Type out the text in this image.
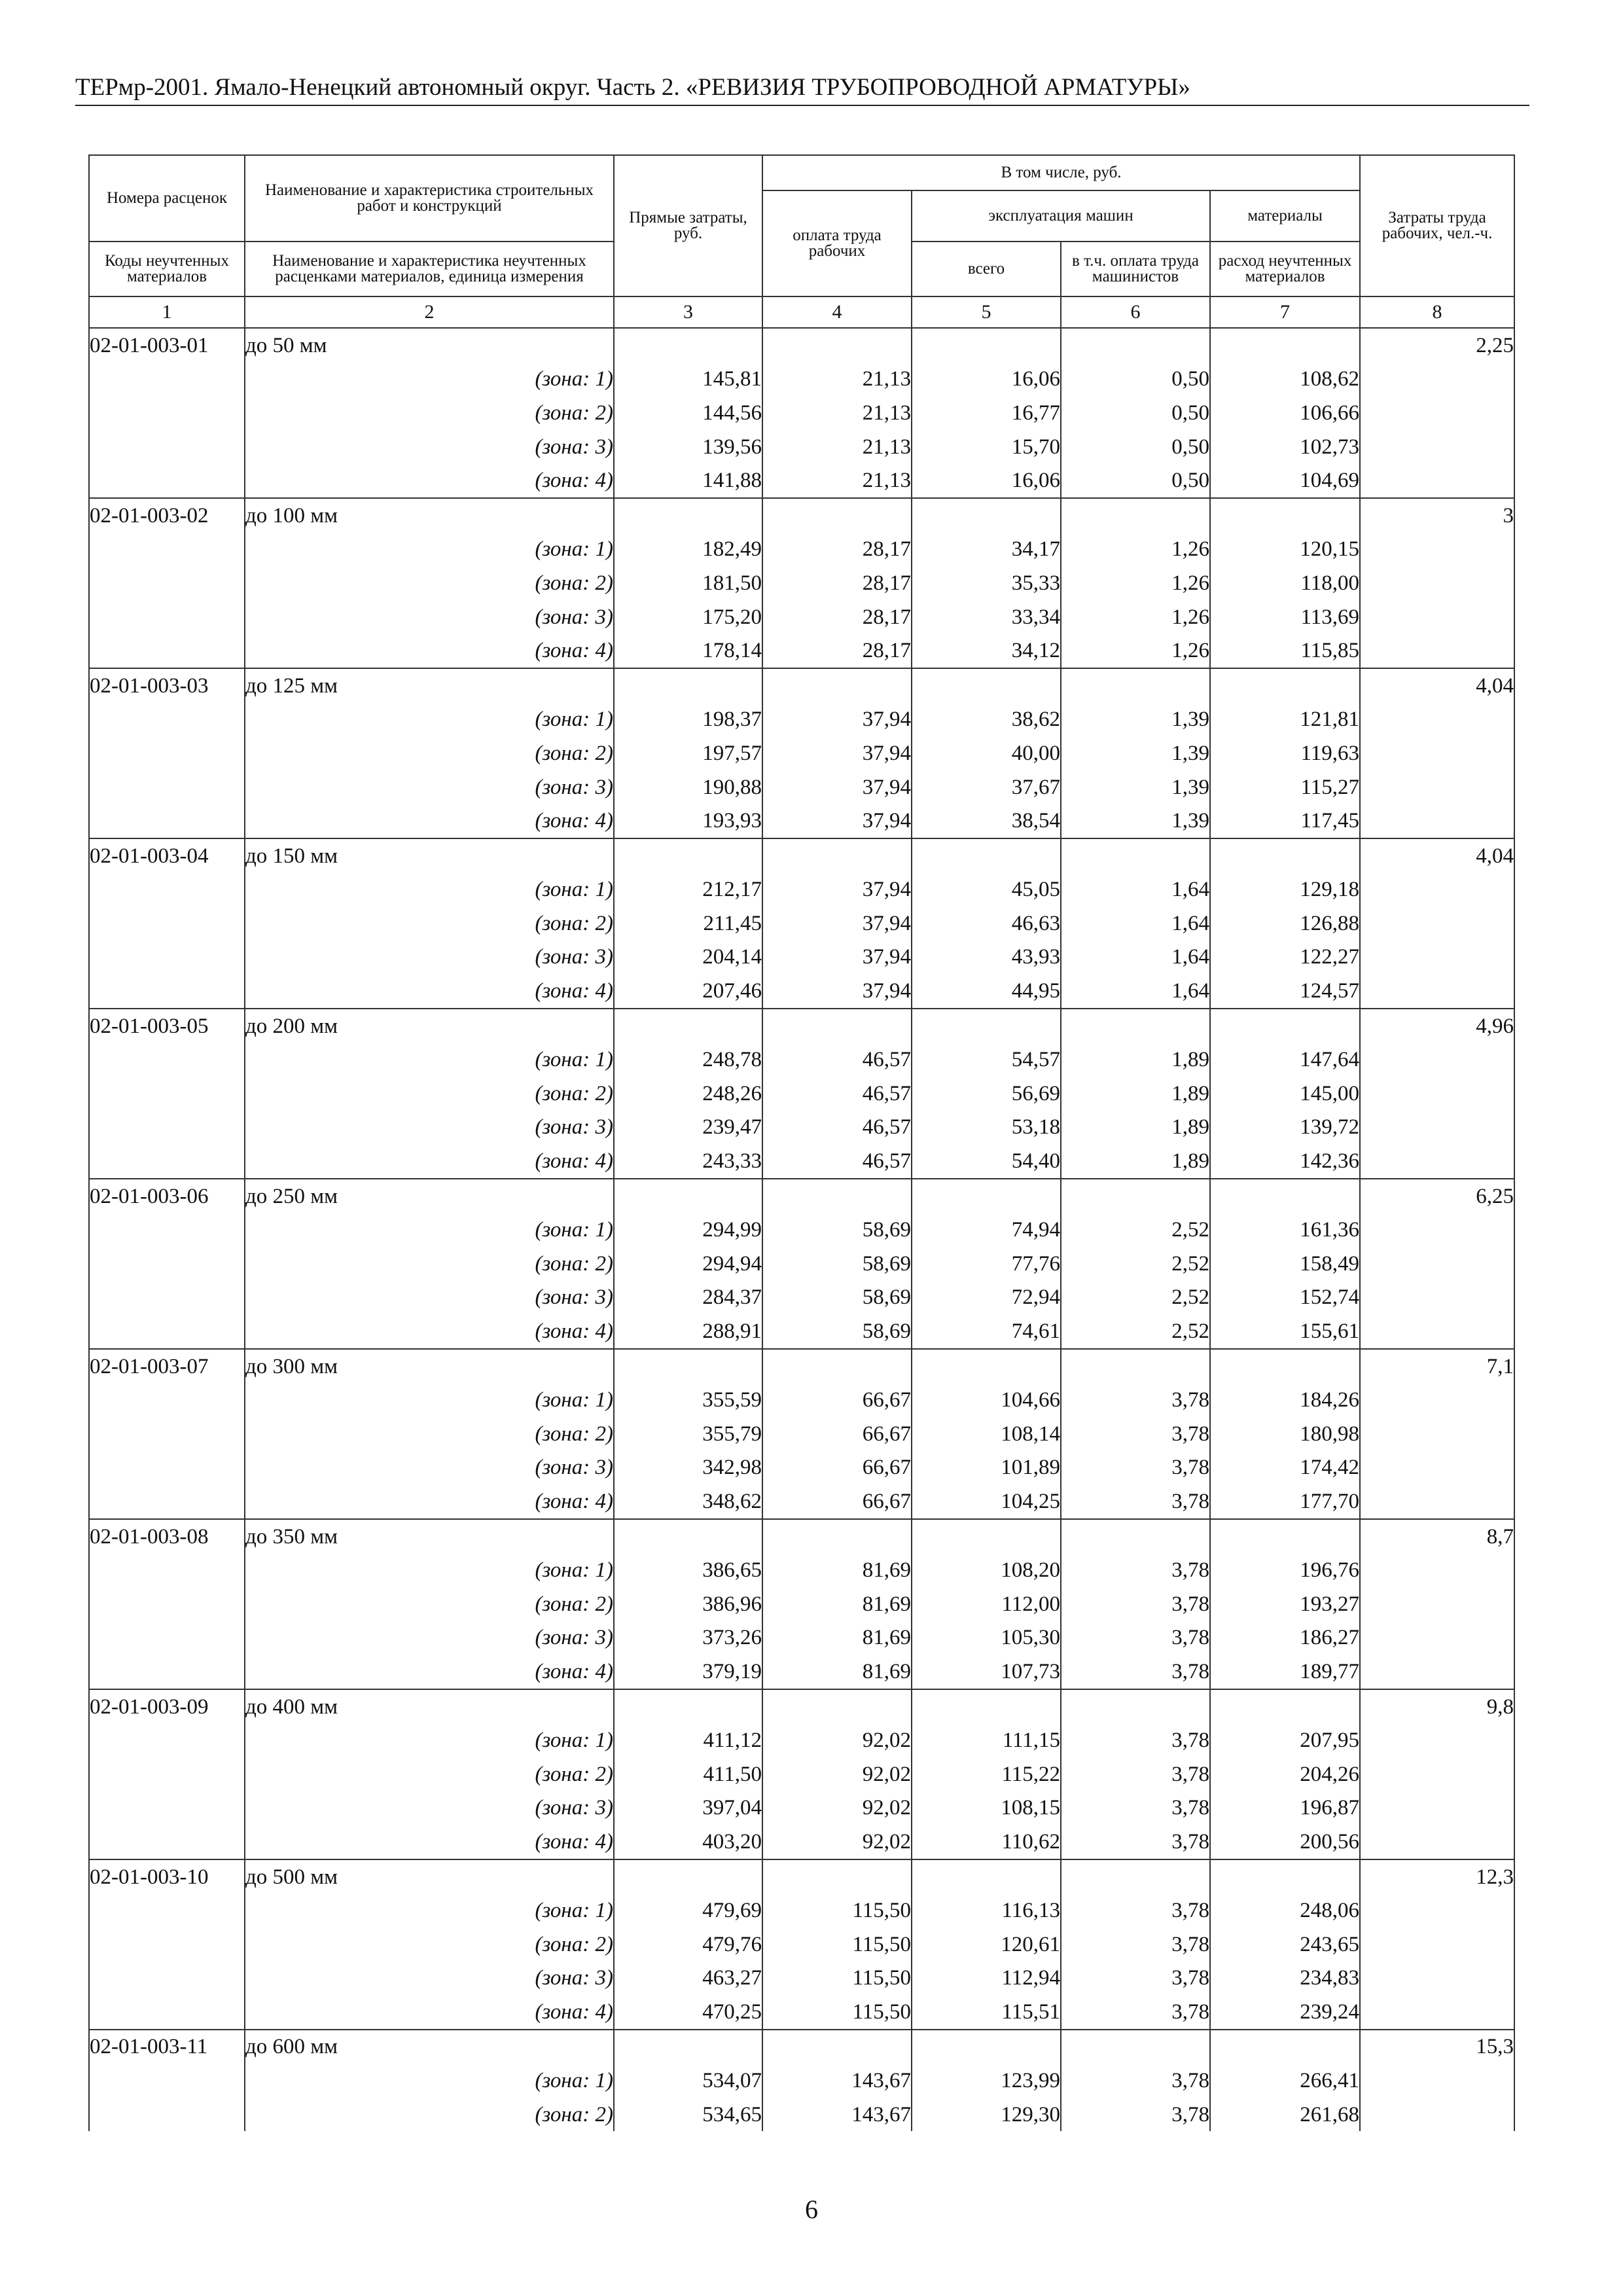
ТЕРмр-2001. Ямало-Ненецкий автономный округ. Часть 2. «РЕВИЗИЯ ТРУБОПРОВОДНОЙ АРМАТУРЫ»
Номера расценок	Наименование и характеристика строительных работ и конструкций	Прямые затраты, руб.	В том числе, руб.				Затраты труда рабочих, чел.-ч.
			оплата труда рабочих	эксплуатация машин		материалы	

Коды неучтенных материалов	Наименование и характеристика неучтенных расценками материалов, единица измерения			всего	в т.ч. оплата труда машинистов	расход неучтенных материалов	

1	2	3	4	5	6	7	8
02-01-003-01	до 50 мм						2,25
	(зона: 1)	145,81	21,13	16,06	0,50	108,62	
	(зона: 2)	144,56	21,13	16,77	0,50	106,66	
	(зона: 3)	139,56	21,13	15,70	0,50	102,73	
	(зона: 4)	141,88	21,13	16,06	0,50	104,69	
02-01-003-02	до 100 мм						3
	(зона: 1)	182,49	28,17	34,17	1,26	120,15	
	(зона: 2)	181,50	28,17	35,33	1,26	118,00	
	(зона: 3)	175,20	28,17	33,34	1,26	113,69	
	(зона: 4)	178,14	28,17	34,12	1,26	115,85	
02-01-003-03	до 125 мм						4,04
	(зона: 1)	198,37	37,94	38,62	1,39	121,81	
	(зона: 2)	197,57	37,94	40,00	1,39	119,63	
	(зона: 3)	190,88	37,94	37,67	1,39	115,27	
	(зона: 4)	193,93	37,94	38,54	1,39	117,45	
02-01-003-04	до 150 мм						4,04
	(зона: 1)	212,17	37,94	45,05	1,64	129,18	
	(зона: 2)	211,45	37,94	46,63	1,64	126,88	
	(зона: 3)	204,14	37,94	43,93	1,64	122,27	
	(зона: 4)	207,46	37,94	44,95	1,64	124,57	
02-01-003-05	до 200 мм						4,96
	(зона: 1)	248,78	46,57	54,57	1,89	147,64	
	(зона: 2)	248,26	46,57	56,69	1,89	145,00	
	(зона: 3)	239,47	46,57	53,18	1,89	139,72	
	(зона: 4)	243,33	46,57	54,40	1,89	142,36	
02-01-003-06	до 250 мм						6,25
	(зона: 1)	294,99	58,69	74,94	2,52	161,36	
	(зона: 2)	294,94	58,69	77,76	2,52	158,49	
	(зона: 3)	284,37	58,69	72,94	2,52	152,74	
	(зона: 4)	288,91	58,69	74,61	2,52	155,61	
02-01-003-07	до 300 мм						7,1
	(зона: 1)	355,59	66,67	104,66	3,78	184,26	
	(зона: 2)	355,79	66,67	108,14	3,78	180,98	
	(зона: 3)	342,98	66,67	101,89	3,78	174,42	
	(зона: 4)	348,62	66,67	104,25	3,78	177,70	
02-01-003-08	до 350 мм						8,7
	(зона: 1)	386,65	81,69	108,20	3,78	196,76	
	(зона: 2)	386,96	81,69	112,00	3,78	193,27	
	(зона: 3)	373,26	81,69	105,30	3,78	186,27	
	(зона: 4)	379,19	81,69	107,73	3,78	189,77	
02-01-003-09	до 400 мм						9,8
	(зона: 1)	411,12	92,02	111,15	3,78	207,95	
	(зона: 2)	411,50	92,02	115,22	3,78	204,26	
	(зона: 3)	397,04	92,02	108,15	3,78	196,87	
	(зона: 4)	403,20	92,02	110,62	3,78	200,56	
02-01-003-10	до 500 мм						12,3
	(зона: 1)	479,69	115,50	116,13	3,78	248,06	
	(зона: 2)	479,76	115,50	120,61	3,78	243,65	
	(зона: 3)	463,27	115,50	112,94	3,78	234,83	
	(зона: 4)	470,25	115,50	115,51	3,78	239,24	
02-01-003-11	до 600 мм						15,3
	(зона: 1)	534,07	143,67	123,99	3,78	266,41	
	(зона: 2)	534,65	143,67	129,30	3,78	261,68	
6
